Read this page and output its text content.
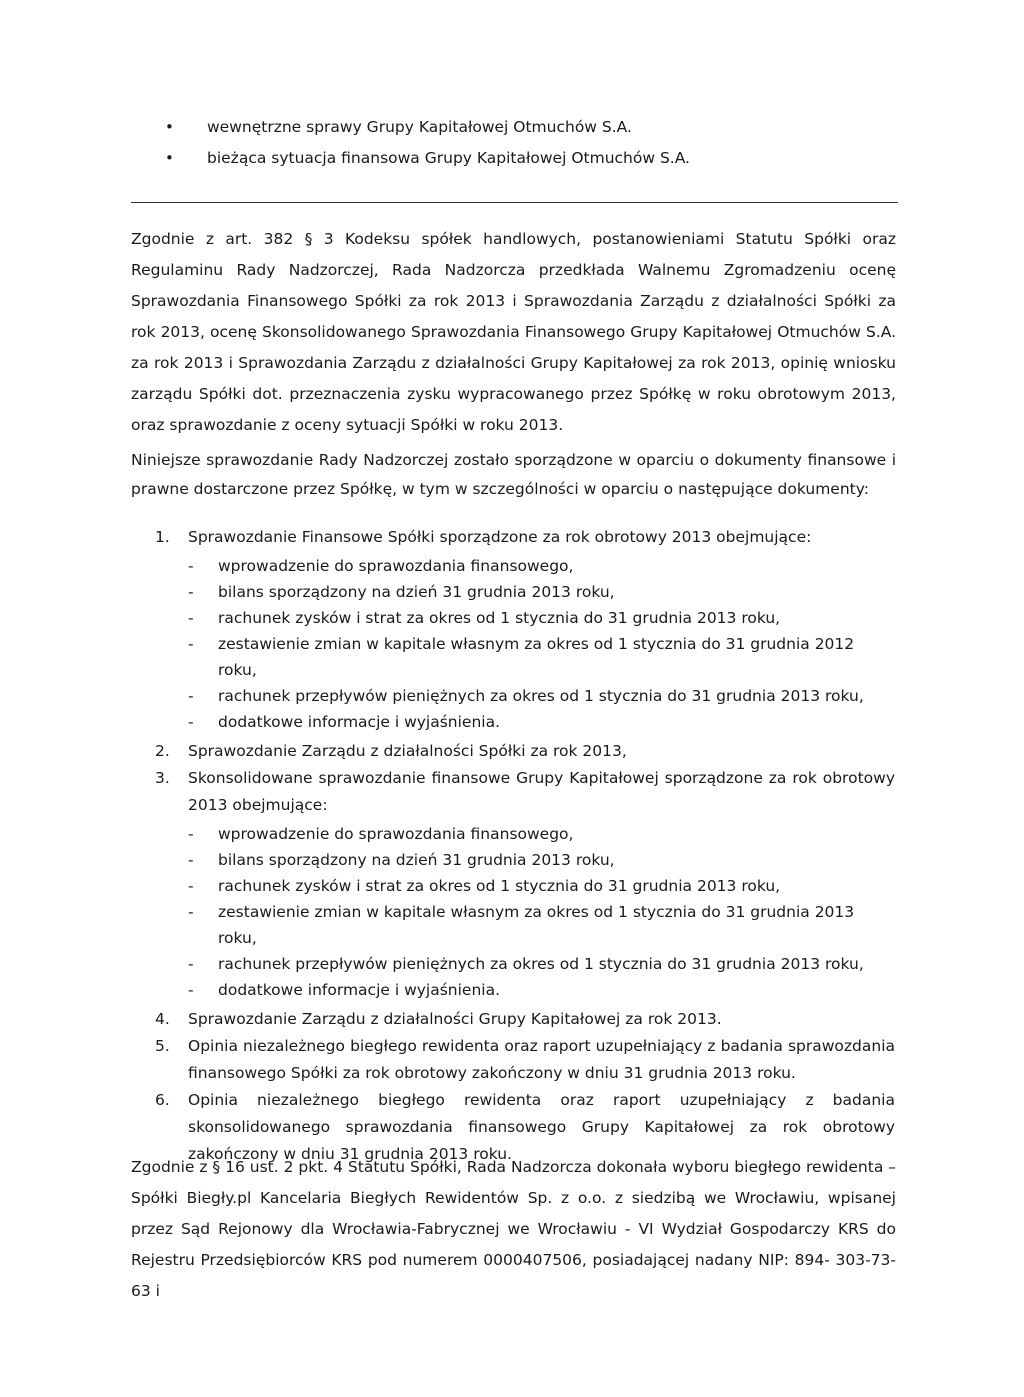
• wewnętrzne sprawy Grupy Kapitałowej Otmuchów S.A.
• bieżąca sytuacja finansowa Grupy Kapitałowej Otmuchów S.A.

Zgodnie z art. 382 § 3 Kodeksu spółek handlowych, postanowieniami Statutu Spółki oraz Regulaminu Rady Nadzorczej, Rada Nadzorcza przedkłada Walnemu Zgromadzeniu ocenę Sprawozdania Finansowego Spółki za rok 2013 i Sprawozdania Zarządu z działalności Spółki za rok 2013, ocenę Skonsolidowanego Sprawozdania Finansowego Grupy Kapitałowej Otmuchów S.A. za rok 2013 i Sprawozdania Zarządu z działalności Grupy Kapitałowej za rok 2013, opinię wniosku zarządu Spółki dot. przeznaczenia zysku wypracowanego przez Spółkę w roku obrotowym 2013, oraz sprawozdanie z oceny sytuacji Spółki w roku 2013.

Niniejsze sprawozdanie Rady Nadzorczej zostało sporządzone w oparciu o dokumenty finansowe i prawne dostarczone przez Spółkę, w tym w szczególności w oparciu o następujące dokumenty:

1. Sprawozdanie Finansowe Spółki sporządzone za rok obrotowy 2013 obejmujące:
- wprowadzenie do sprawozdania finansowego,
- bilans sporządzony na dzień 31 grudnia 2013 roku,
- rachunek zysków i strat za okres od 1 stycznia do 31 grudnia 2013 roku,
- zestawienie zmian w kapitale własnym za okres od 1 stycznia do 31 grudnia 2012 roku,
- rachunek przepływów pieniężnych za okres od 1 stycznia do 31 grudnia 2013 roku,
- dodatkowe informacje i wyjaśnienia.
2. Sprawozdanie Zarządu z działalności Spółki za rok 2013,
3. Skonsolidowane sprawozdanie finansowe Grupy Kapitałowej sporządzone za rok obrotowy 2013 obejmujące:
- wprowadzenie do sprawozdania finansowego,
- bilans sporządzony na dzień 31 grudnia 2013 roku,
- rachunek zysków i strat za okres od 1 stycznia do 31 grudnia 2013 roku,
- zestawienie zmian w kapitale własnym za okres od 1 stycznia do 31 grudnia 2013 roku,
- rachunek przepływów pieniężnych za okres od 1 stycznia do 31 grudnia 2013 roku,
- dodatkowe informacje i wyjaśnienia.
4. Sprawozdanie Zarządu z działalności Grupy Kapitałowej za rok 2013.
5. Opinia niezależnego biegłego rewidenta oraz raport uzupełniający z badania sprawozdania finansowego Spółki za rok obrotowy zakończony w dniu 31 grudnia 2013 roku.
6. Opinia niezależnego biegłego rewidenta oraz raport uzupełniający z badania skonsolidowanego sprawozdania finansowego Grupy Kapitałowej za rok obrotowy zakończony w dniu 31 grudnia 2013 roku.

Zgodnie z § 16 ust. 2 pkt. 4 Statutu Spółki, Rada Nadzorcza dokonała wyboru biegłego rewidenta – Spółki Biegły.pl Kancelaria Biegłych Rewidentów Sp. z o.o. z siedzibą we Wrocławiu, wpisanej przez Sąd Rejonowy dla Wrocławia-Fabrycznej we Wrocławiu - VI Wydział Gospodarczy KRS do Rejestru Przedsiębiorców KRS pod numerem 0000407506, posiadającej nadany NIP: 894- 303-73-63 i
